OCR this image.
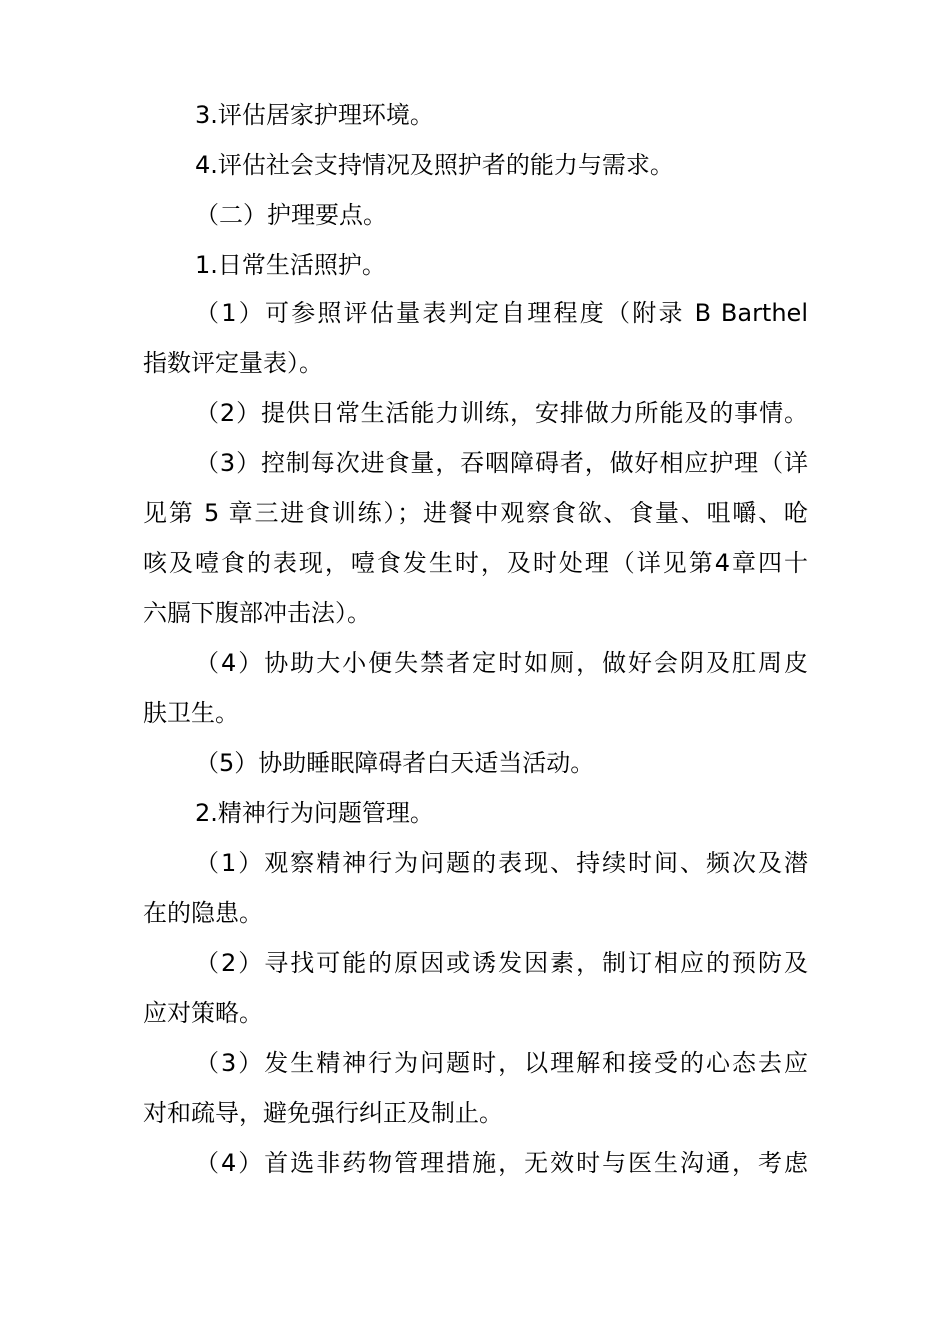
3.评估居家护理环境。
4.评估社会支持情况及照护者的能力与需求。
（二）护理要点。
1.日常生活照护。
（1）可参照评估量表判定自理程度（附录 B Barthel
指数评定量表）。
（2）提供日常生活能力训练，安排做力所能及的事情。
（3）控制每次进食量，吞咽障碍者，做好相应护理（详
见第 5 章三进食训练）；进餐中观察食欲、食量、咀嚼、呛
咳及噎食的表现，噎食发生时，及时处理（详见第4章四十
六膈下腹部冲击法）。
（4）协助大小便失禁者定时如厕，做好会阴及肛周皮
肤卫生。
（5）协助睡眠障碍者白天适当活动。
2.精神行为问题管理。
（1）观察精神行为问题的表现、持续时间、频次及潜
在的隐患。
（2）寻找可能的原因或诱发因素，制订相应的预防及
应对策略。
（3）发生精神行为问题时，以理解和接受的心态去应
对和疏导，避免强行纠正及制止。
（4）首选非药物管理措施，无效时与医生沟通，考虑
